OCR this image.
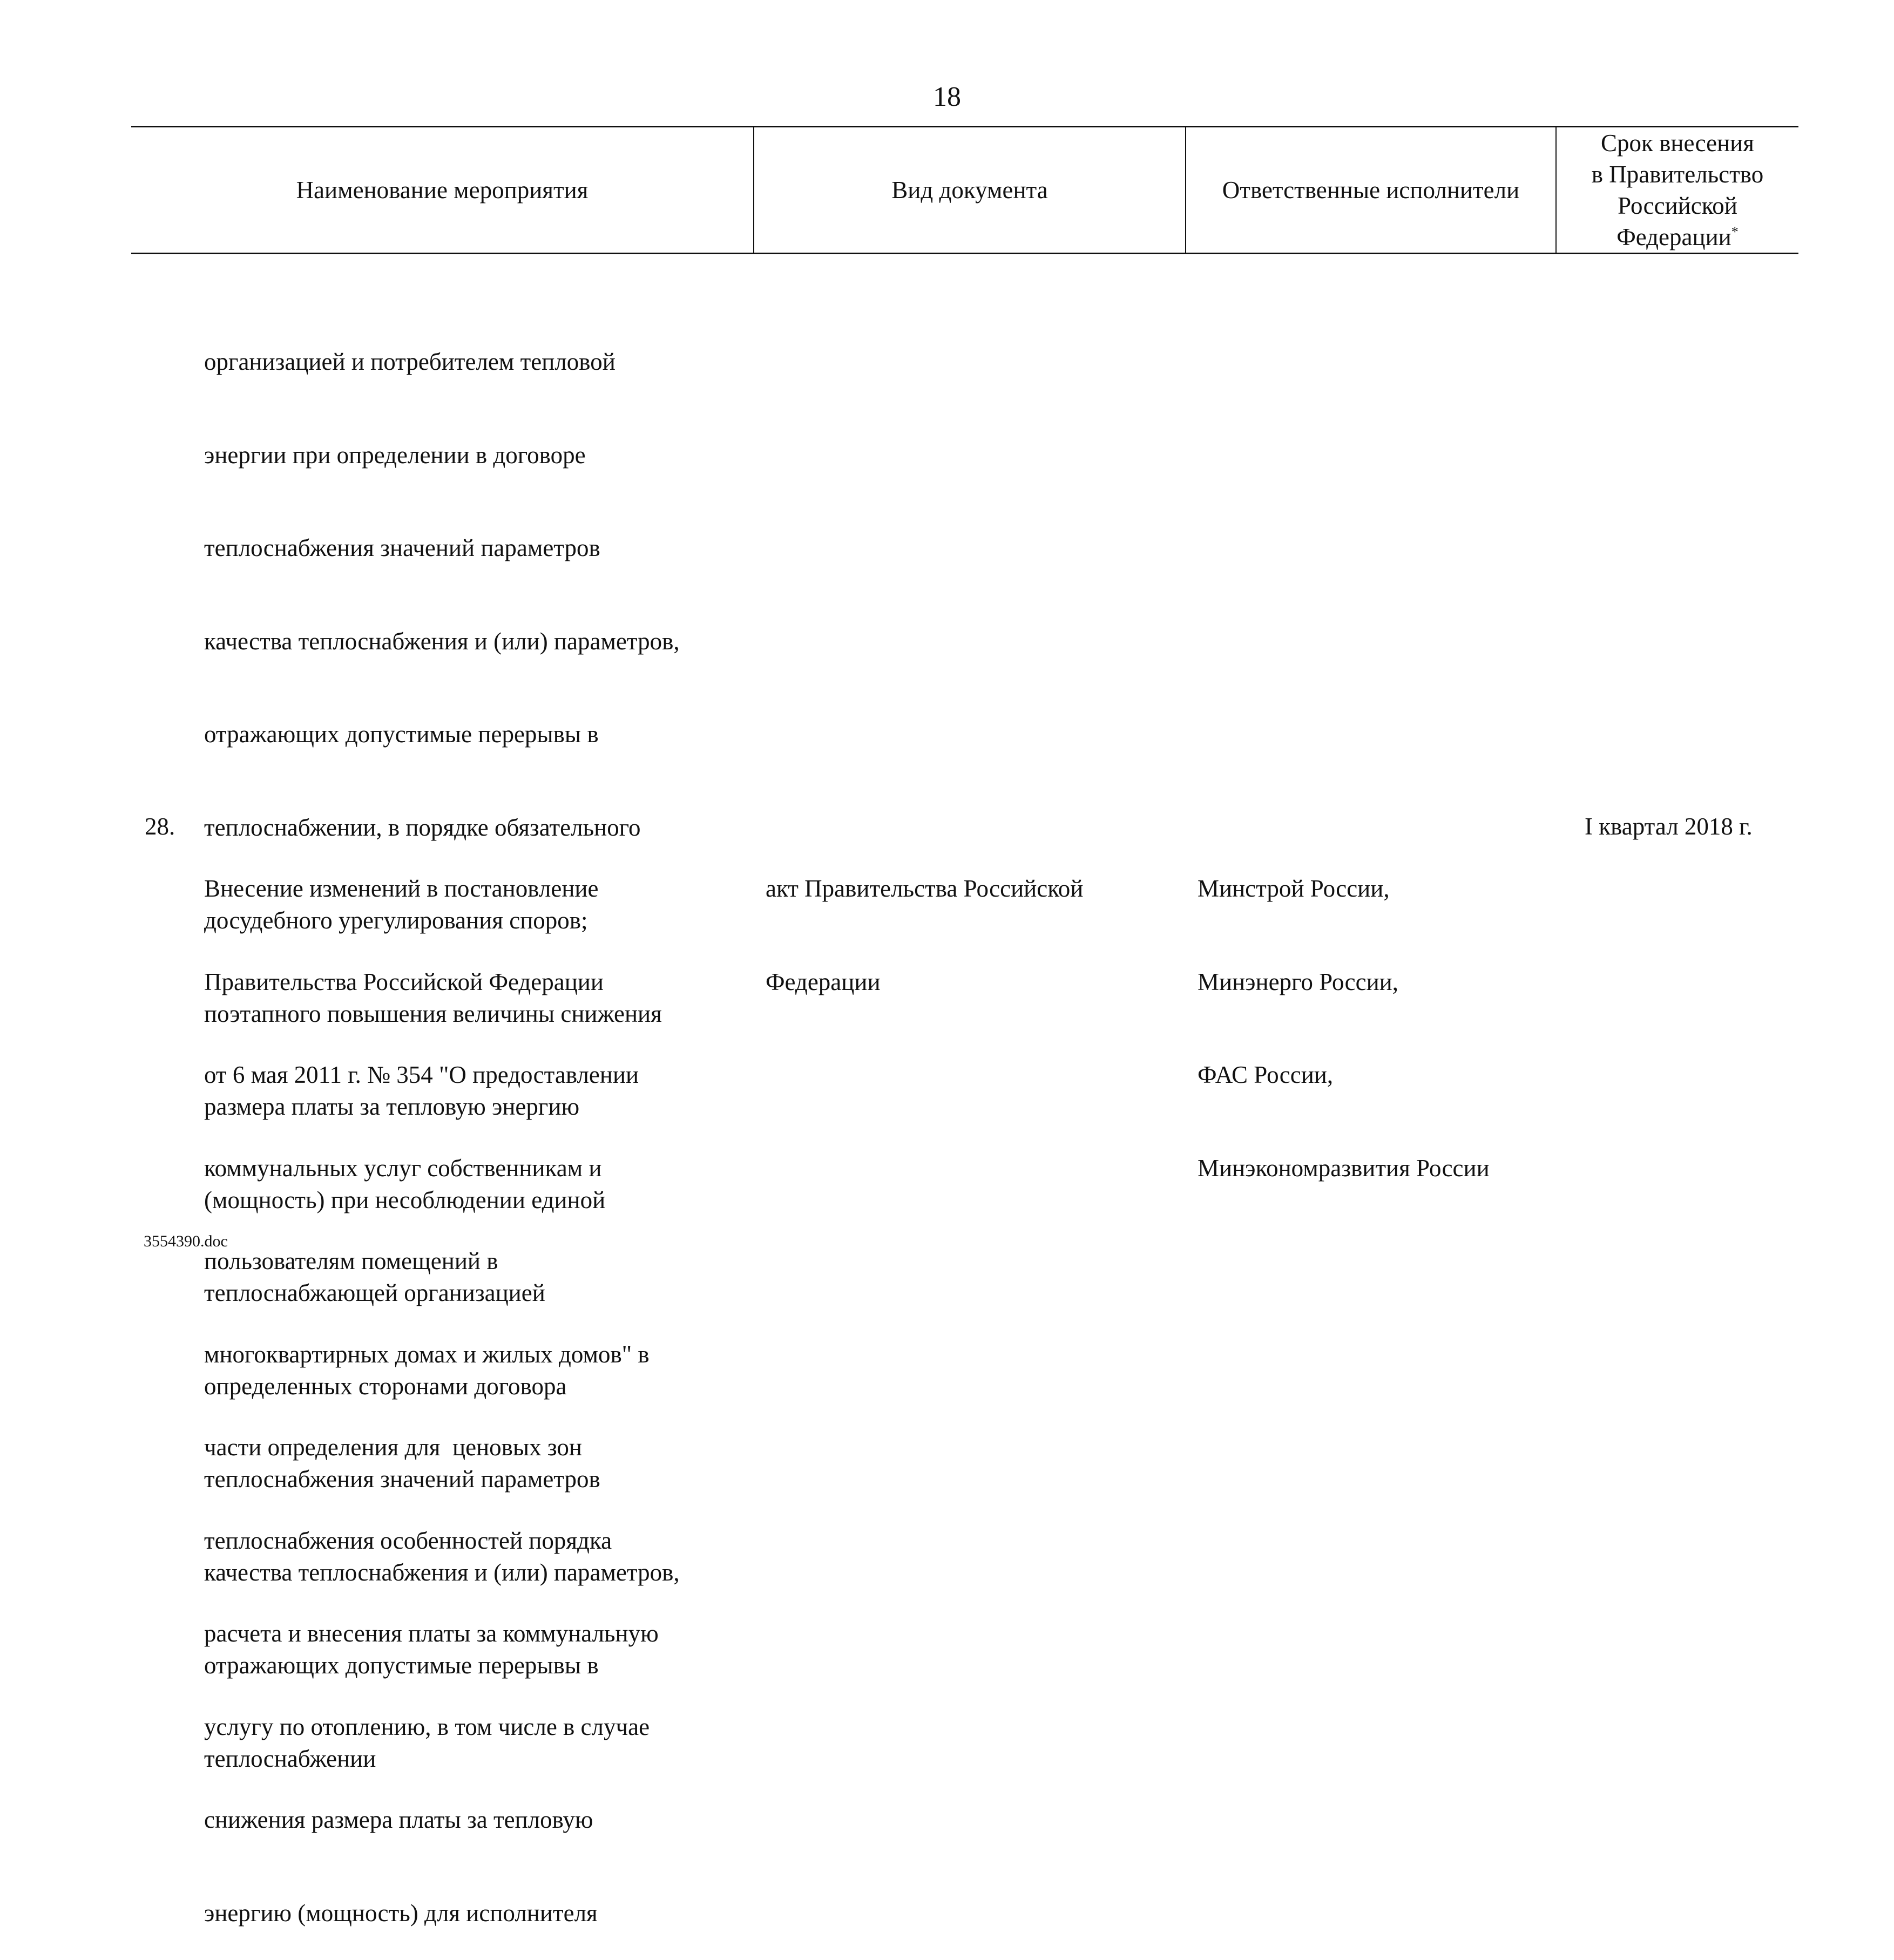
18
Наименование мероприятия	Вид документа	Ответственные исполнители
Срок внесения
в Правительство
Российской
Федерации*

организацией и потребителем тепловой

энергии при определении в договоре

теплоснабжения значений параметров

качества теплоснабжения и (или) параметров,

отражающих допустимые перерывы в

теплоснабжении, в порядке обязательного

досудебного урегулирования споров;

поэтапного повышения величины снижения

размера платы за тепловую энергию

(мощность) при несоблюдении единой

теплоснабжающей организацией

определенных сторонами договора

теплоснабжения значений параметров

качества теплоснабжения и (или) параметров,

отражающих допустимые перерывы в

теплоснабжении

28.

Внесение изменений в постановление

Правительства Российской Федерации

от 6 мая 2011 г. № 354 "О предоставлении

коммунальных услуг собственникам и

пользователям помещений в

многоквартирных домах и жилых домов" в

части определения для  ценовых зон

теплоснабжения особенностей порядка

расчета и внесения платы за коммунальную

услугу по отоплению, в том числе в случае

снижения размера платы за тепловую

энергию (мощность) для исполнителя

акт Правительства Российской

Федерации

Минстрой России,

Минэнерго России,

ФАС России,

Минэкономразвития России

I квартал 2018 г.
3554390.doc
